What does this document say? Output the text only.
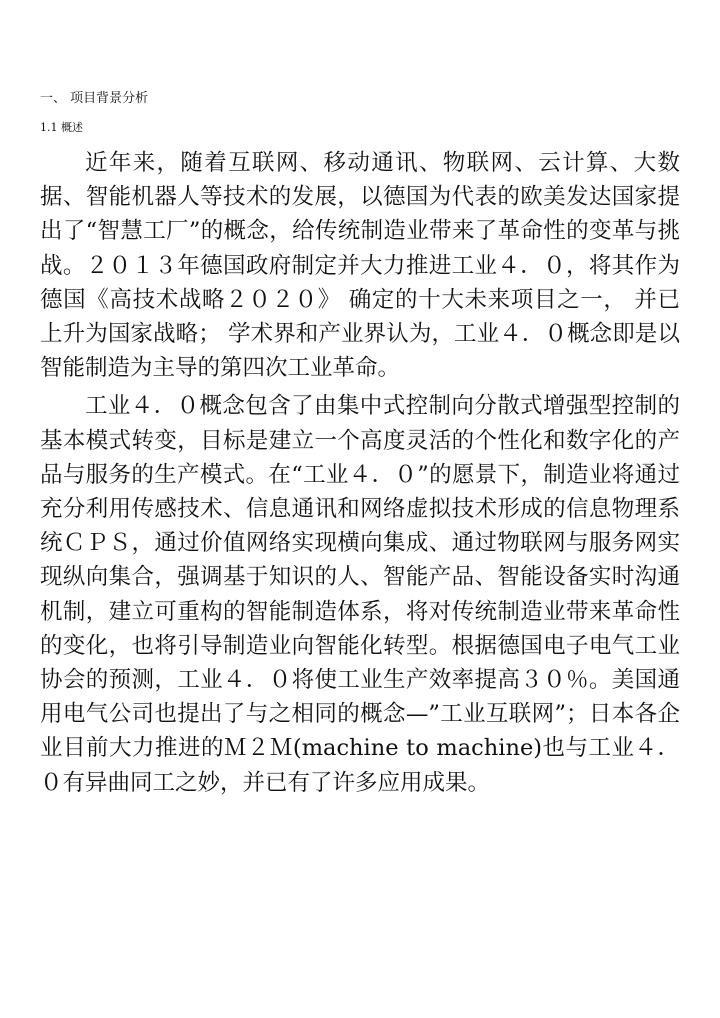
一、 项目背景分析
1.1 概述

近年来，随着互联网、移动通讯、物联网、云计算、大数据、智能机器人等技术的发展，以德国为代表的欧美发达国家提出了“智慧工厂”的概念，给传统制造业带来了革命性的变革与挑战。２０１３年德国政府制定并大力推进工业４．０，将其作为德国《高技术战略２０２０》 确定的十大未来项目之一， 并已上升为国家战略； 学术界和产业界认为，工业４．０概念即是以智能制造为主导的第四次工业革命。

工业４．０概念包含了由集中式控制向分散式增强型控制的基本模式转变，目标是建立一个高度灵活的个性化和数字化的产品与服务的生产模式。在“工业４．０”的愿景下，制造业将通过充分利用传感技术、信息通讯和网络虚拟技术形成的信息物理系统ＣＰＳ，通过价值网络实现横向集成、通过物联网与服务网实现纵向集合，强调基于知识的人、智能产品、智能设备实时沟通机制，建立可重构的智能制造体系，将对传统制造业带来革命性的变化，也将引导制造业向智能化转型。根据德国电子电气工业协会的预测，工业４．０将使工业生产效率提高３０％。美国通用电气公司也提出了与之相同的概念—”工业互联网”；日本各企业目前大力推进的Ｍ２Ｍ(machine to machine)也与工业４．０有异曲同工之妙，并已有了许多应用成果。
